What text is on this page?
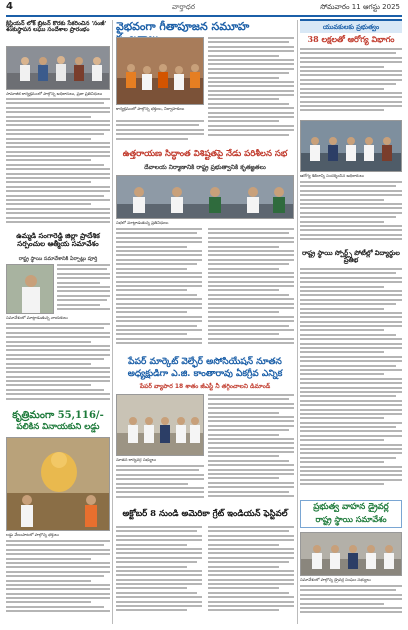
4	వార్తాధర	సోమవారం 11 ఆగస్టు 2025
క్రిస్టియన్ లోక్ బ్రిటన్ కొరకు సేకరించిన 'సంజీ' శంకుస్థాపన లఘు సందేశాల ప్రారంభం
సామాజిక కార్యక్రమంలో పాల్గొన్న అధికారులు, ప్రజా ప్రతినిధులు
ఉమ్మడి సంగారెడ్డి జిల్లా ప్రాదేశిక సర్పంచుల ఆత్మీయ సమావేశం
రాష్ట్ర స్థాయి సమావేశానికి ఏర్పాట్లు పూర్తి
సమావేశంలో మాట్లాడుతున్న నాయకులు
కృత్రిమంగా 55,116/-
పలికిన వినాయకుని లడ్డు
లడ్డు వేలంపాటలో పాల్గొన్న భక్తులు
వైభవంగా గీతాపూజన సమూహ
కార్యక్రమంలో పాల్గొన్న భక్తులు, నిర్వాహకులు
ఉత్తరాయణ సిద్ధాంత విశిష్టతపై నేడు పరిశీలన సభ
దేవాలయ నిర్మాణానికి రాష్ట్ర ప్రభుత్వానికి కృతజ్ఞతలు
సభలో మాట్లాడుతున్న ప్రతినిధులు
పేపర్ మార్కెట్ వెల్ఫేర్ అసోసియేషన్ నూతన
అధ్యక్షుడిగా ఎ.జి. కాంతారావు ఏకగ్రీవ ఎన్నిక
పేపర్ వ్యాపార 18 శాతం జీఎస్టీ నీ తగ్గించాలని డిమాండ్
నూతన కార్యవర్గ సభ్యులు
అక్టోబర్ 8 నుండి అమెరికా గ్రేట్ ఇండియన్ ఫెస్టివల్
యువకులకు ప్రభుత్వం
38 లక్షలతో ఆరోగ్య విభాగం
ఆరోగ్య శిబిరాన్ని సందర్శించిన అధికారులు
రాష్ట్ర స్థాయి స్పోర్ట్స్ పోటీల్లో విద్యార్థుల ప్రతిభ
ప్రభుత్వ వాహన డ్రైవర్ల
రాష్ట్ర స్థాయి సమావేశం
సమావేశంలో పాల్గొన్న డ్రైవర్ల సంఘం సభ్యులు
